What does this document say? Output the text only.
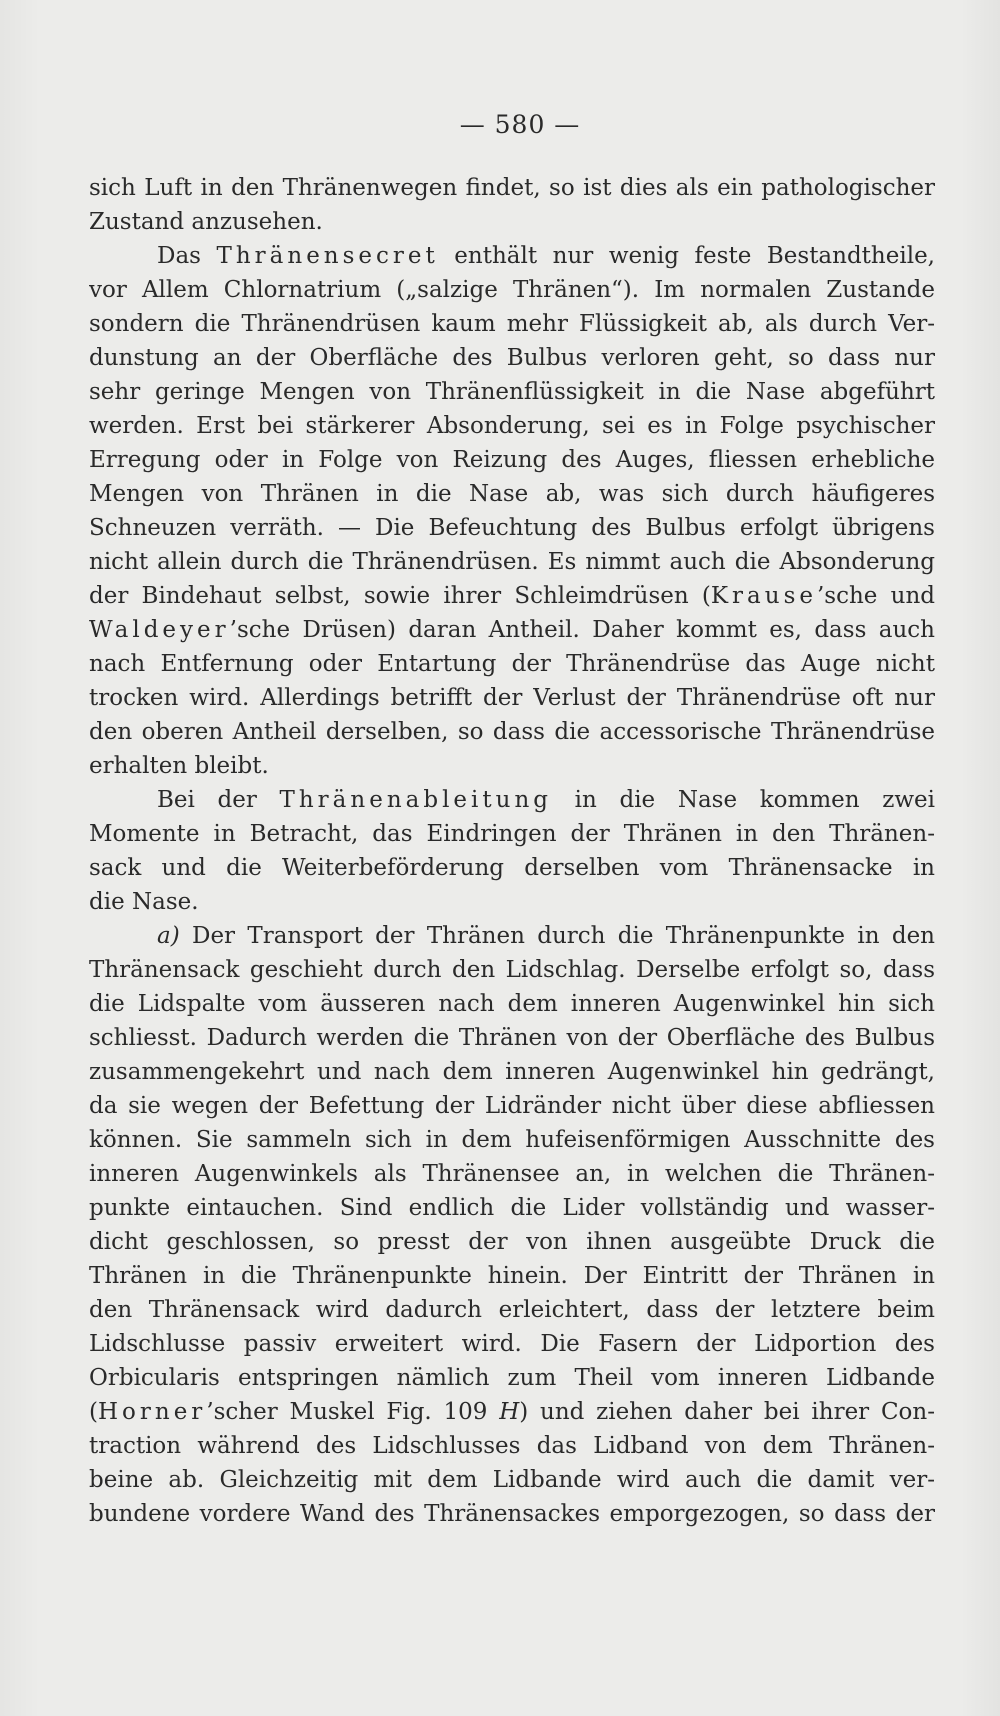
— 580 —
sich Luft in den Thränenwegen findet, so ist dies als ein pathologischer
Zustand anzusehen.
Das Thränensecret enthält nur wenig feste Bestandtheile,
vor Allem Chlornatrium („salzige Thränen“). Im normalen Zustande
sondern die Thränendrüsen kaum mehr Flüssigkeit ab, als durch Ver-
dunstung an der Oberfläche des Bulbus verloren geht, so dass nur
sehr geringe Mengen von Thränenflüssigkeit in die Nase abgeführt
werden. Erst bei stärkerer Absonderung, sei es in Folge psychischer
Erregung oder in Folge von Reizung des Auges, fliessen erhebliche
Mengen von Thränen in die Nase ab, was sich durch häufigeres
Schneuzen verräth. — Die Befeuchtung des Bulbus erfolgt übrigens
nicht allein durch die Thränendrüsen. Es nimmt auch die Absonderung
der Bindehaut selbst, sowie ihrer Schleimdrüsen (Krause’sche und
Waldeyer’sche Drüsen) daran Antheil. Daher kommt es, dass auch
nach Entfernung oder Entartung der Thränendrüse das Auge nicht
trocken wird. Allerdings betrifft der Verlust der Thränendrüse oft nur
den oberen Antheil derselben, so dass die accessorische Thränendrüse
erhalten bleibt.
Bei der Thränenableitung in die Nase kommen zwei
Momente in Betracht, das Eindringen der Thränen in den Thränen-
sack und die Weiterbeförderung derselben vom Thränensacke in
die Nase.
a) Der Transport der Thränen durch die Thränenpunkte in den
Thränensack geschieht durch den Lidschlag. Derselbe erfolgt so, dass
die Lidspalte vom äusseren nach dem inneren Augenwinkel hin sich
schliesst. Dadurch werden die Thränen von der Oberfläche des Bulbus
zusammengekehrt und nach dem inneren Augenwinkel hin gedrängt,
da sie wegen der Befettung der Lidränder nicht über diese abfliessen
können. Sie sammeln sich in dem hufeisenförmigen Ausschnitte des
inneren Augenwinkels als Thränensee an, in welchen die Thränen-
punkte eintauchen. Sind endlich die Lider vollständig und wasser-
dicht geschlossen, so presst der von ihnen ausgeübte Druck die
Thränen in die Thränenpunkte hinein. Der Eintritt der Thränen in
den Thränensack wird dadurch erleichtert, dass der letztere beim
Lidschlusse passiv erweitert wird. Die Fasern der Lidportion des
Orbicularis entspringen nämlich zum Theil vom inneren Lidbande
(Horner’scher Muskel Fig. 109 H) und ziehen daher bei ihrer Con-
traction während des Lidschlusses das Lidband von dem Thränen-
beine ab. Gleichzeitig mit dem Lidbande wird auch die damit ver-
bundene vordere Wand des Thränensackes emporgezogen, so dass der
